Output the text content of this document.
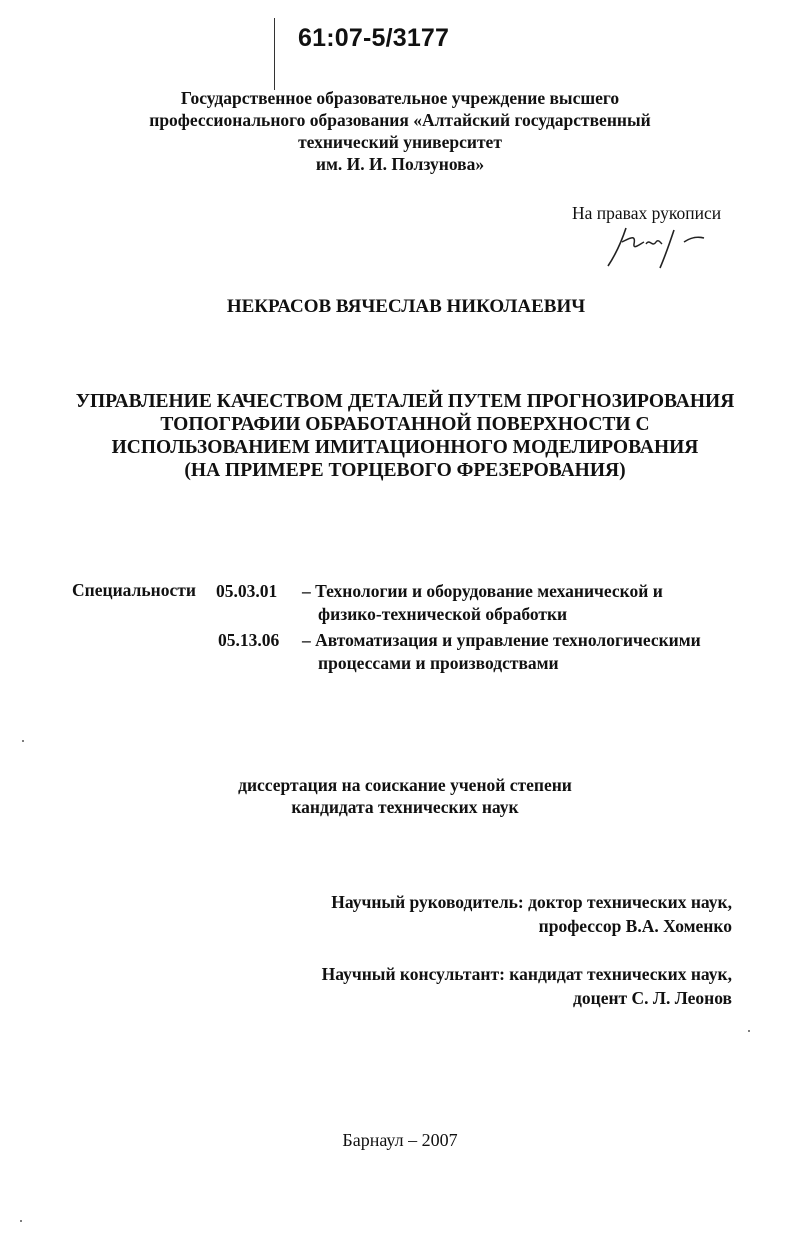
61:07-5/3177
Государственное образовательное учреждение высшего
профессионального образования «Алтайский государственный
технический университет
им. И. И. Ползунова»
На правах рукописи
НЕКРАСОВ ВЯЧЕСЛАВ НИКОЛАЕВИЧ
УПРАВЛЕНИЕ КАЧЕСТВОМ ДЕТАЛЕЙ ПУТЕМ ПРОГНОЗИРОВАНИЯ
ТОПОГРАФИИ ОБРАБОТАННОЙ ПОВЕРХНОСТИ С
ИСПОЛЬЗОВАНИЕМ ИМИТАЦИОННОГО МОДЕЛИРОВАНИЯ
(НА ПРИМЕРЕ ТОРЦЕВОГО ФРЕЗЕРОВАНИЯ)
Специальности 05.03.01 – Технологии и оборудование механической и
физико-технической обработки
05.13.06 – Автоматизация и управление технологическими
процессами и производствами
диссертация на соискание ученой степени
кандидата технических наук
Научный руководитель: доктор технических наук,
профессор В.А. Хоменко
Научный консультант: кандидат технических наук,
доцент С. Л. Леонов
Барнаул – 2007
